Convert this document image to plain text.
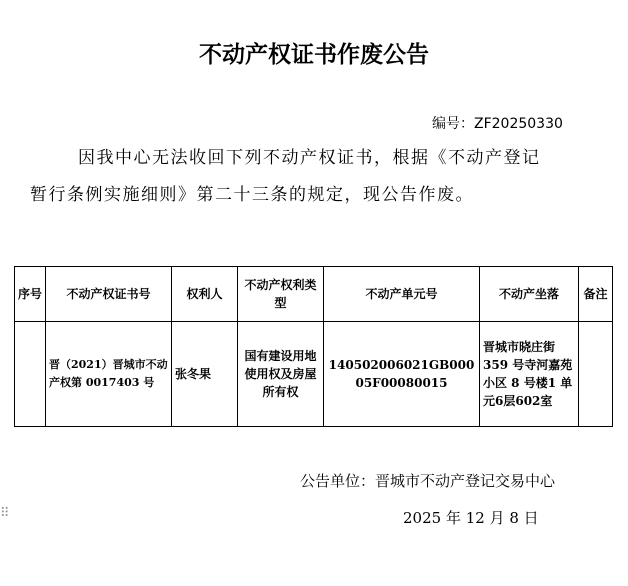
⠿
不动产权证书作废公告
编号：ZF20250330
因我中心无法收回下列不动产权证书，根据《不动产登记
暂行条例实施细则》第二十三条的规定，现公告作废。
序号	不动产权证书号	权利人	不动产权利类型	不动产单元号	不动产坐落	备注
	晋（2021）晋城市不动产权第 0017403 号	张冬果	国有建设用地使用权及房屋所有权	140502006021GB00005F00080015	晋城市晓庄街359 号寺河嘉苑小区 8 号楼1 单元6层602室	
公告单位：晋城市不动产登记交易中心
2025 年 12 月 8 日
